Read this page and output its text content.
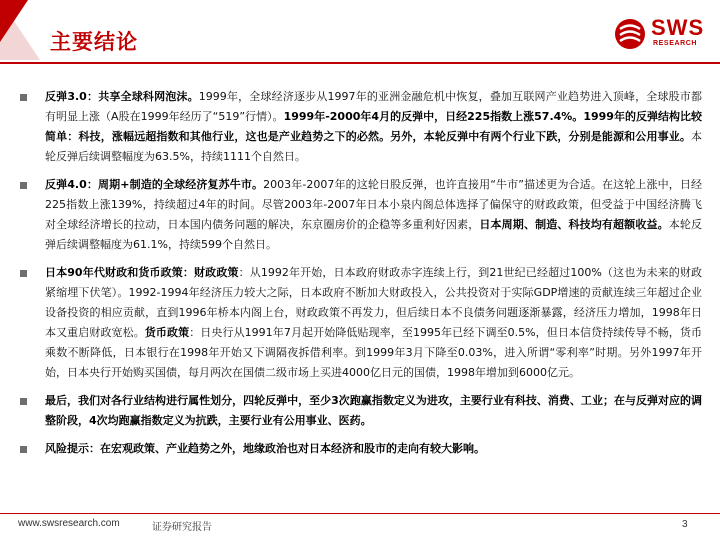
主要结论
SWS
RESEARCH

反弹3.0：共享全球科网泡沫。1999年，全球经济逐步从1997年的亚洲金融危机中恢复，叠加互联网产业趋势进入顶峰，全球股市都有明显上涨（A股在1999年经历了“519”行情）。1999年-2000年4月的反弹中，日经225指数上涨57.4%。1999年的反弹结构比较简单：科技，涨幅远超指数和其他行业，这也是产业趋势之下的必然。另外，本轮反弹中有两个行业下跌，分别是能源和公用事业。本轮反弹后续调整幅度为63.5%，持续1111个自然日。

反弹4.0：周期+制造的全球经济复苏牛市。2003年-2007年的这轮日股反弹，也许直接用“牛市”描述更为合适。在这轮上涨中，日经225指数上涨139%，持续超过4年的时间。尽管2003年-2007年日本小泉内阁总体选择了偏保守的财政政策，但受益于中国经济腾飞对全球经济增长的拉动，日本国内债务问题的解决，东京圈房价的企稳等多重利好因素，日本周期、制造、科技均有超额收益。本轮反弹后续调整幅度为61.1%，持续599个自然日。

日本90年代财政和货币政策：财政政策：从1992年开始，日本政府财政赤字连续上行，到21世纪已经超过100%（这也为未来的财政紧缩埋下伏笔）。1992-1994年经济压力较大之际，日本政府不断加大财政投入，公共投资对于实际GDP增速的贡献连续三年超过企业设备投资的相应贡献，直到1996年桥本内阁上台，财政政策不再发力，但后续日本不良债务问题逐渐暴露，经济压力增加，1998年日本又重启财政宽松。货币政策：日央行从1991年7月起开始降低贴现率，至1995年已经下调至0.5%，但日本信贷持续传导不畅，货币乘数不断降低，日本银行在1998年开始又下调隔夜拆借利率。到1999年3月下降至0.03%，进入所谓“零利率”时期。另外1997年开始，日本央行开始购买国债，每月两次在国债二级市场上买进4000亿日元的国债，1998年增加到6000亿元。

最后，我们对各行业结构进行属性划分，四轮反弹中，至少3次跑赢指数定义为进攻，主要行业有科技、消费、工业；在与反弹对应的调整阶段，4次均跑赢指数定义为抗跌，主要行业有公用事业、医药。

风险提示：在宏观政策、产业趋势之外，地缘政治也对日本经济和股市的走向有较大影响。

www.swsresearch.com	证券研究报告	3
